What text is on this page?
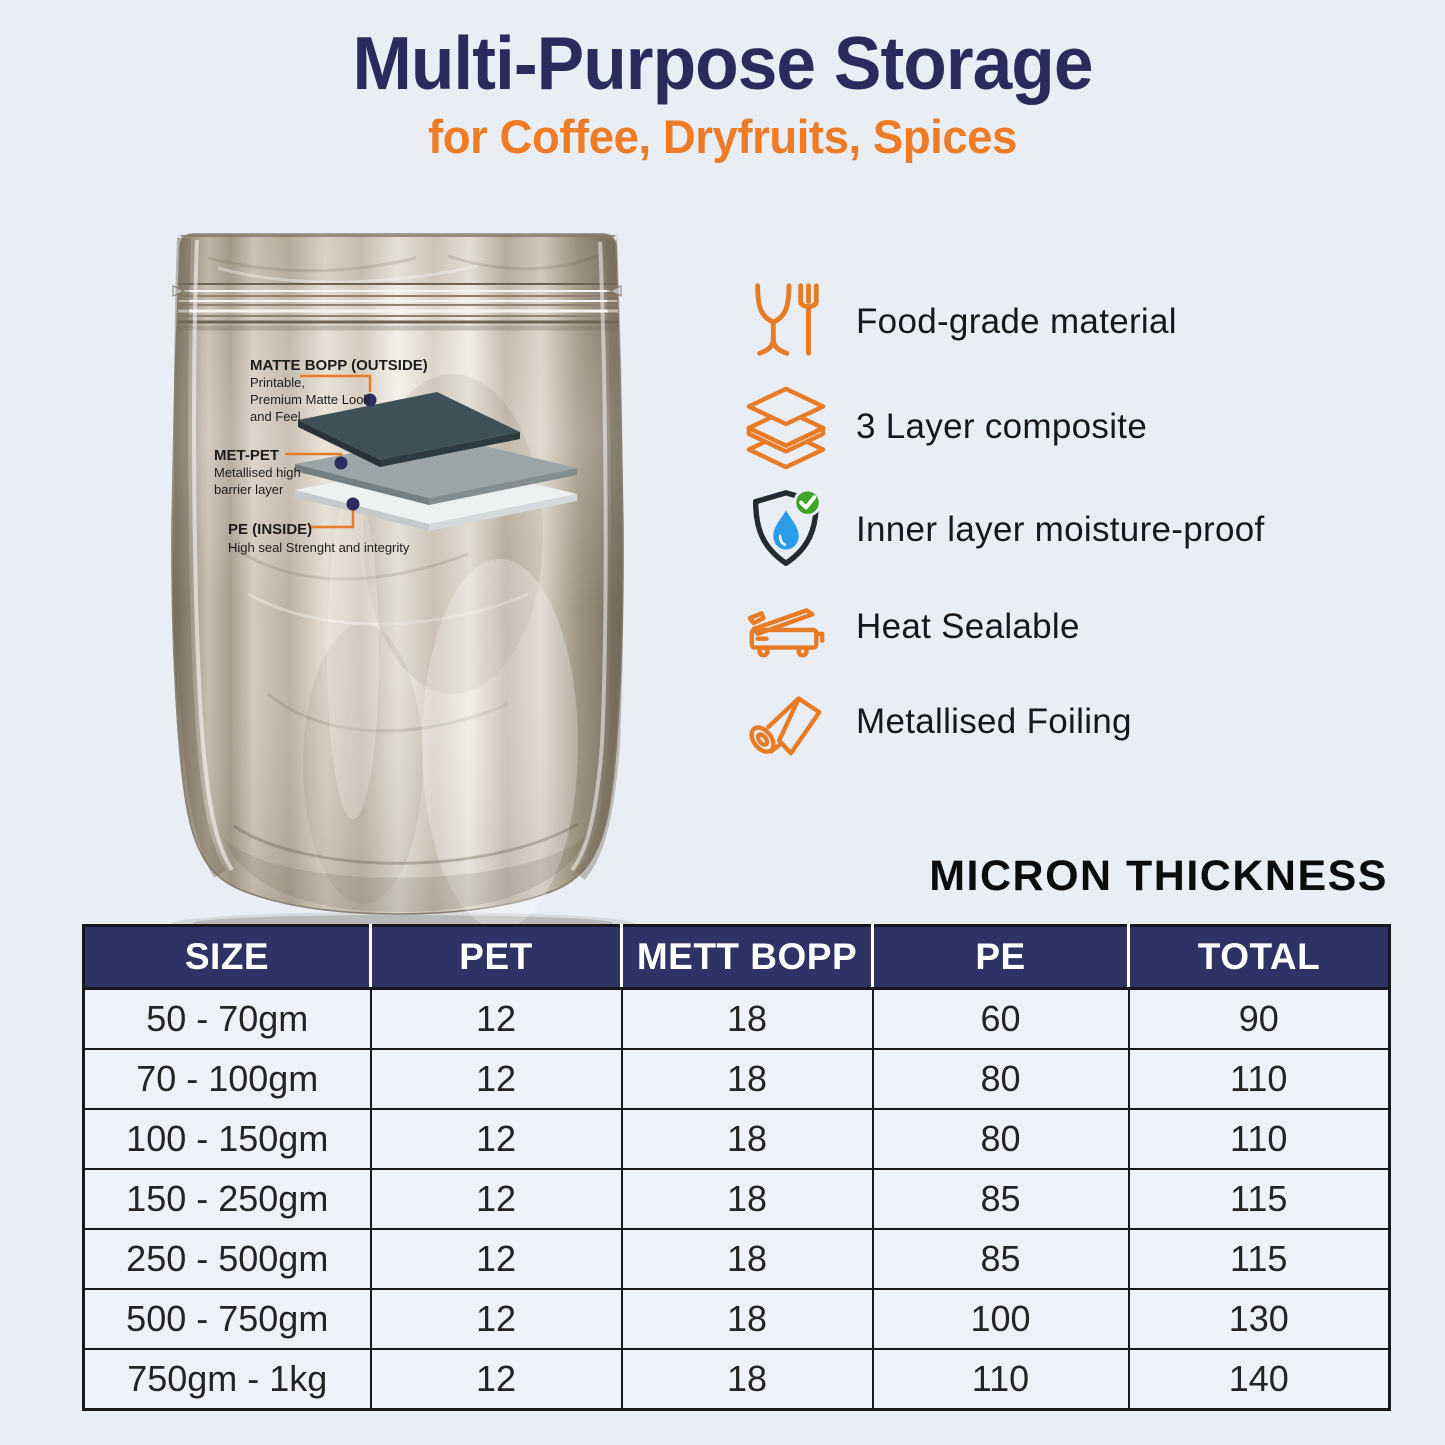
Multi-Purpose Storage
for Coffee, Dryfruits, Spices
MATTE BOPP (OUTSIDE)
Printable,
Premium Matte Look
and Feel
MET-PET
Metallised high
barrier layer
PE (INSIDE)
High seal Strenght and integrity
Food-grade material
3 Layer composite
Inner layer moisture-proof
Heat Sealable
Metallised Foiling
MICRON THICKNESS
SIZE	PET	METT BOPP	PE	TOTAL
50 - 70gm	12	18	60	90
70 - 100gm	12	18	80	110
100 - 150gm	12	18	80	110
150 - 250gm	12	18	85	115
250 - 500gm	12	18	85	115
500 - 750gm	12	18	100	130
750gm - 1kg	12	18	110	140
